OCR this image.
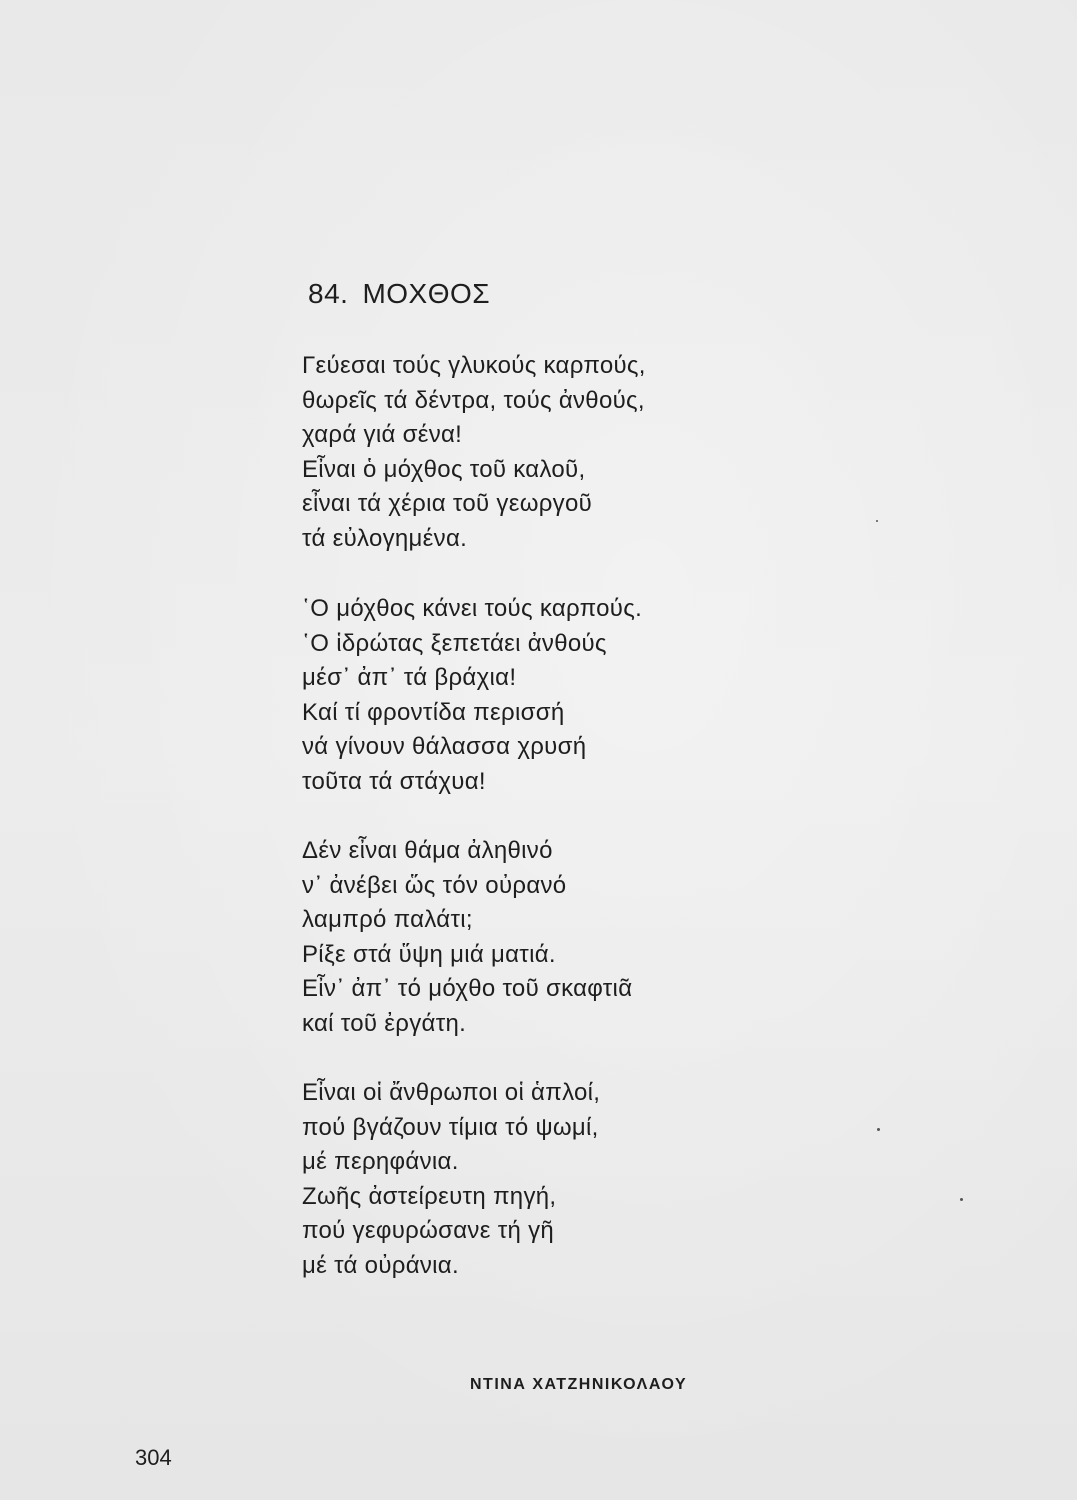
84. ΜΟΧΘΟΣ
Γεύεσαι τούς γλυκούς καρπούς,
θωρεῖς τά δέντρα, τούς ἀνθούς,
χαρά γιά σένα!
Εἶναι ὁ μόχθος τοῦ καλοῦ,
εἶναι τά χέρια τοῦ γεωργοῦ
τά εὐλογημένα.
῾Ο μόχθος κάνει τούς καρπούς.
῾Ο ἱδρώτας ξεπετάει ἀνθούς
μέσ᾽ ἀπ᾽ τά βράχια!
Καί τί φροντίδα περισσή
νά γίνουν θάλασσα χρυσή
τοῦτα τά στάχυα!
Δέν εἶναι θάμα ἀληθινό
ν᾽ ἀνέβει ὥς τόν οὐρανό
λαμπρό παλάτι;
Ρίξε στά ὕψη μιά ματιά.
Εἶν᾽ ἀπ᾽ τό μόχθο τοῦ σκαφτιᾶ
καί τοῦ ἐργάτη.
Εἶναι οἱ ἄνθρωποι οἱ ἁπλοί,
πού βγάζουν τίμια τό ψωμί,
μέ περηφάνια.
Ζωῆς ἀστείρευτη πηγή,
πού γεφυρώσανε τή γῆ
μέ τά οὐράνια.
ΝΤΙΝΑ ΧΑΤΖΗΝΙΚΟΛΑΟΥ
304
